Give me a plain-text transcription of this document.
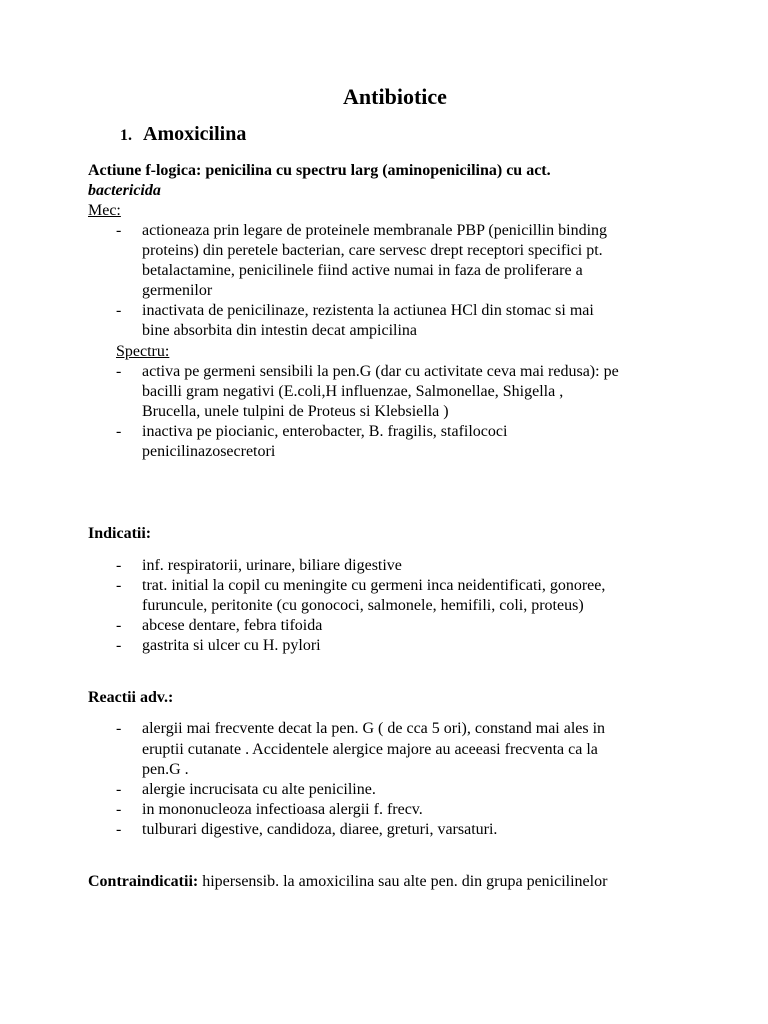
Antibiotice
1. Amoxicilina
Actiune f-logica: penicilina cu spectru larg (aminopenicilina) cu act.
bactericida
Mec:
- actioneaza prin legare de proteinele membranale PBP (penicillin binding
proteins) din peretele bacterian, care servesc drept receptori specifici pt.
betalactamine, penicilinele fiind active numai in faza de proliferare a
germenilor
- inactivata de penicilinaze, rezistenta la actiunea HCl din stomac si mai
bine absorbita din intestin decat ampicilina
Spectru:
- activa pe germeni sensibili la pen.G (dar cu activitate ceva mai redusa): pe
bacilli gram negativi (E.coli,H influenzae, Salmonellae, Shigella ,
Brucella, unele tulpini de Proteus si Klebsiella )
- inactiva pe piocianic, enterobacter, B. fragilis, stafilococi
penicilinazosecretori
Indicatii:
- inf. respiratorii, urinare, biliare digestive
- trat. initial la copil cu meningite cu germeni inca neidentificati, gonoree,
furuncule, peritonite (cu gonococi, salmonele, hemifili, coli, proteus)
- abcese dentare, febra tifoida
- gastrita si ulcer cu H. pylori
Reactii adv.:
- alergii mai frecvente decat la pen. G ( de cca 5 ori), constand mai ales in
eruptii cutanate . Accidentele alergice majore au aceeasi frecventa ca la
pen.G .
- alergie incrucisata cu alte peniciline.
- in mononucleoza infectioasa alergii f. frecv.
- tulburari digestive, candidoza, diaree, greturi, varsaturi.
Contraindicatii: hipersensib. la amoxicilina sau alte pen. din grupa penicilinelor
